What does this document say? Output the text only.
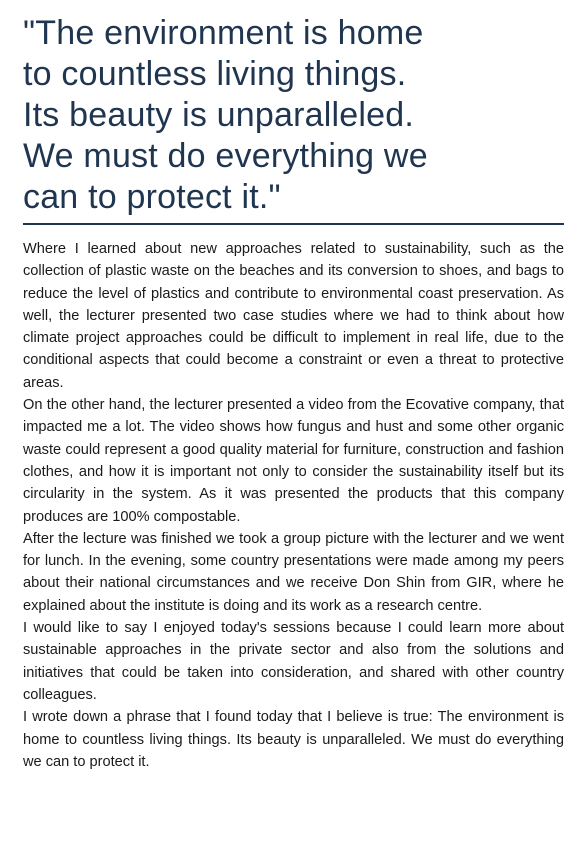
"The environment is home
to countless living things.
Its beauty is unparalleled.
We must do everything we
can to protect it."

Where I learned about new approaches related to sustainability, such as the collection of plastic waste on the beaches and its conversion to shoes, and bags to reduce the level of plastics and contribute to environmental coast preservation. As well, the lecturer presented two case studies where we had to think about how climate project approaches could be difficult to implement in real life, due to the conditional aspects that could become a constraint or even a threat to protective areas.

On the other hand, the lecturer presented a video from the Ecovative company, that impacted me a lot. The video shows how fungus and hust and some other organic waste could represent a good quality material for furniture, construction and fashion clothes, and how it is important not only to consider the sustainability itself but its circularity in the system. As it was presented the products that this company produces are 100% compostable.

After the lecture was finished we took a group picture with the lecturer and we went for lunch. In the evening, some country presentations were made among my peers about their national circumstances and we receive Don Shin from GIR, where he explained about the institute is doing and its work as a research centre.

I would like to say I enjoyed today's sessions because I could learn more about sustainable approaches in the private sector and also from the solutions and initiatives that could be taken into consideration, and shared with other country colleagues.

I wrote down a phrase that I found today that I believe is true: The environment is home to countless living things. Its beauty is unparalleled. We must do everything we can to protect it.
